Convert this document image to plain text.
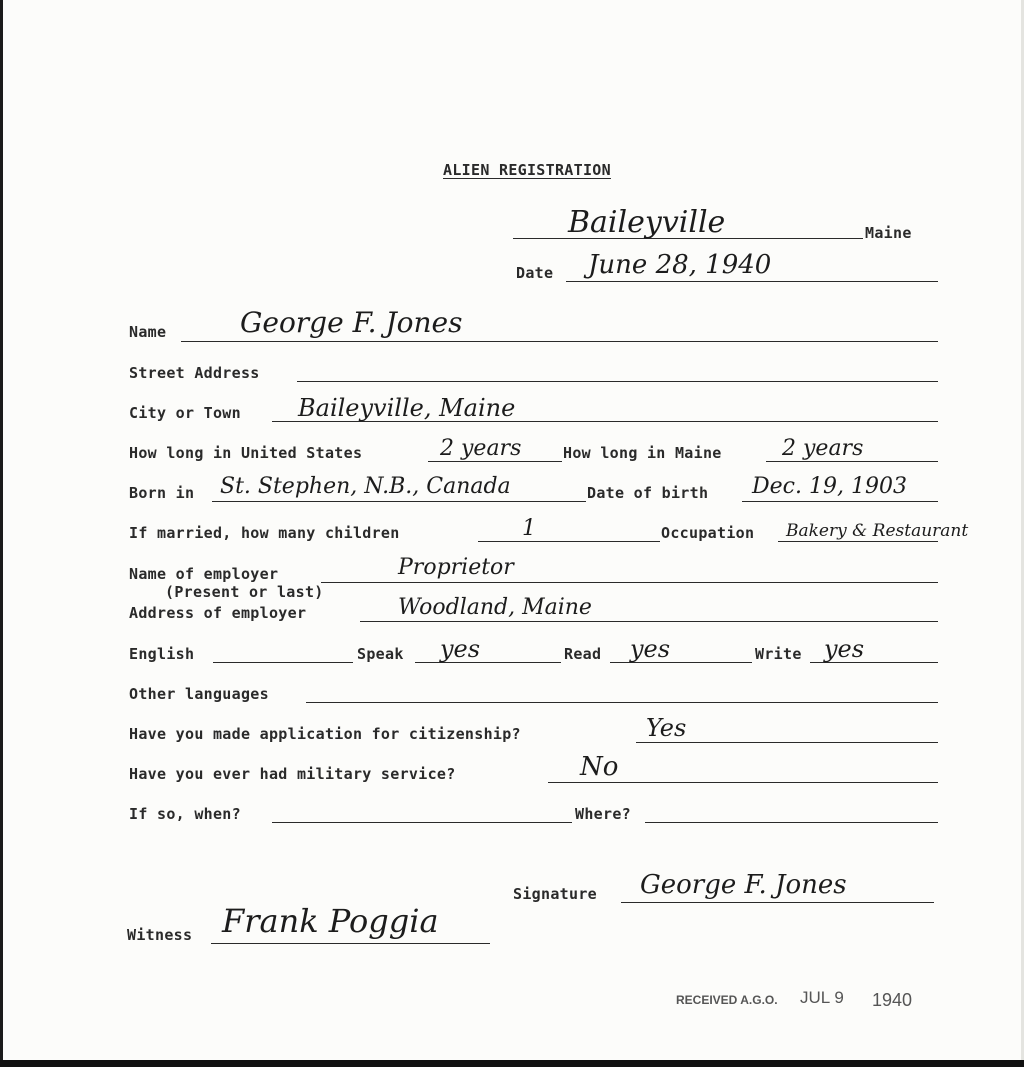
ALIEN REGISTRATION
Baileyville	Maine
Date June 28, 1940
Name	George F. Jones
Street Address
City or Town Baileyville, Maine
How long in United States	2 years	How long in Maine	2 years
Born in St. Stephen, N.B., Canada	Date of birth Dec. 19, 1903
If married, how many children	1	Occupation Bakery & Restaurant
Name of employer	Proprietor
(Present or last)
Address of employer	Woodland, Maine
English	Speak yes	Read yes	Write yes
Other languages
Have you made application for citizenship?	Yes
Have you ever had military service?	No
If so, when?	Where?
Signature George F. Jones
Witness Frank Poggia
RECEIVED A.G.O. JUL 9 1940
